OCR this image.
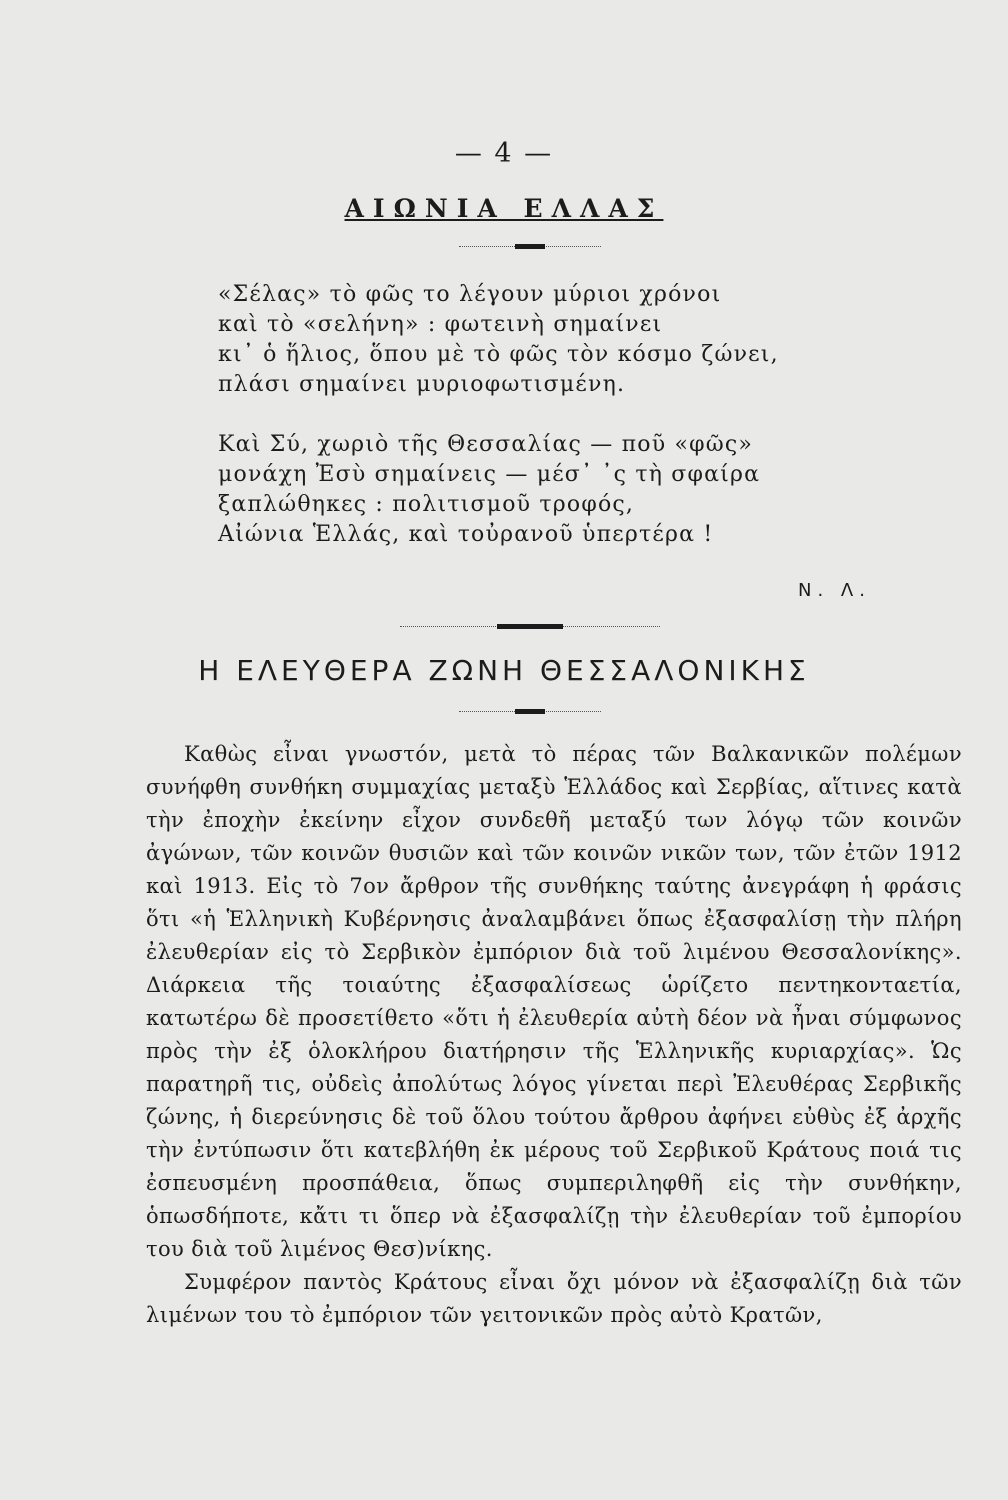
— 4 —
ΑΙΩΝΙΑ ΕΛΛΑΣ
«Σέλας» τὸ φῶς το λέγουν μύριοι χρόνοι
καὶ τὸ «σελήνη» : φωτεινὴ σημαίνει
κι᾽ ὁ ἥλιος, ὅπου μὲ τὸ φῶς τὸν κόσμο ζώνει,
πλάσι σημαίνει μυριοφωτισμένη.
Καὶ Σύ, χωριὸ τῆς Θεσσαλίας — ποῦ «φῶς»
μονάχη Ἐσὺ σημαίνεις — μέσ᾽ ᾽ς τὴ σφαίρα
ξαπλώθηκες : πολιτισμοῦ τροφός,
Αἰώνια Ἑλλάς, καὶ τοὐρανοῦ ὑπερτέρα !
Ν. Λ.
Η ΕΛΕΥΘΕΡΑ ΖΩΝΗ ΘΕΣΣΑΛΟΝΙΚΗΣ

Καθὼς εἶναι γνωστόν, μετὰ τὸ πέρας τῶν Βαλκανικῶν πολέμων συνήφθη συνθήκη συμμαχίας μεταξὺ Ἑλλάδος καὶ Σερβίας, αἵτινες κατὰ τὴν ἐποχὴν ἐκείνην εἶχον συνδεθῆ μεταξύ των λόγῳ τῶν κοινῶν ἀγώνων, τῶν κοινῶν θυσιῶν καὶ τῶν κοινῶν νικῶν των, τῶν ἐτῶν 1912 καὶ 1913. Εἰς τὸ 7ον ἄρθρον τῆς συνθήκης ταύτης ἀνεγράφη ἡ φράσις ὅτι «ἡ Ἑλληνικὴ Κυβέρνησις ἀναλαμβάνει ὅπως ἐξασφαλίσῃ τὴν πλήρη ἐλευθερίαν εἰς τὸ Σερβικὸν ἐμπόριον διὰ τοῦ λιμένου Θεσσαλονίκης». Διάρκεια τῆς τοιαύτης ἐξασφαλίσεως ὡρίζετο πεντηκονταετία, κατωτέρω δὲ προσετίθετο «ὅτι ἡ ἐλευθερία αὐτὴ δέον νὰ ἦναι σύμφωνος πρὸς τὴν ἐξ ὁλοκλήρου διατήρησιν τῆς Ἑλληνικῆς κυριαρχίας». Ὡς παρατηρῆ τις, οὐδεὶς ἀπολύτως λόγος γίνεται περὶ Ἐλευθέρας Σερβικῆς ζώνης, ἡ διερεύνησις δὲ τοῦ ὅλου τούτου ἄρθρου ἀφήνει εὐθὺς ἐξ ἀρχῆς τὴν ἐντύπωσιν ὅτι κατεβλήθη ἐκ μέρους τοῦ Σερβικοῦ Κράτους ποιά τις ἐσπευσμένη προσπάθεια, ὅπως συμπεριληφθῆ εἰς τὴν συνθήκην, ὁπωσδήποτε, κἄτι τι ὅπερ νὰ ἐξασφαλίζῃ τὴν ἐλευθερίαν τοῦ ἐμπορίου του διὰ τοῦ λιμένος Θεσ)νίκης.

Συμφέρον παντὸς Κράτους εἶναι ὄχι μόνον νὰ ἐξασφαλίζῃ διὰ τῶν λιμένων του τὸ ἐμπόριον τῶν γειτονικῶν πρὸς αὐτὸ Κρατῶν,
